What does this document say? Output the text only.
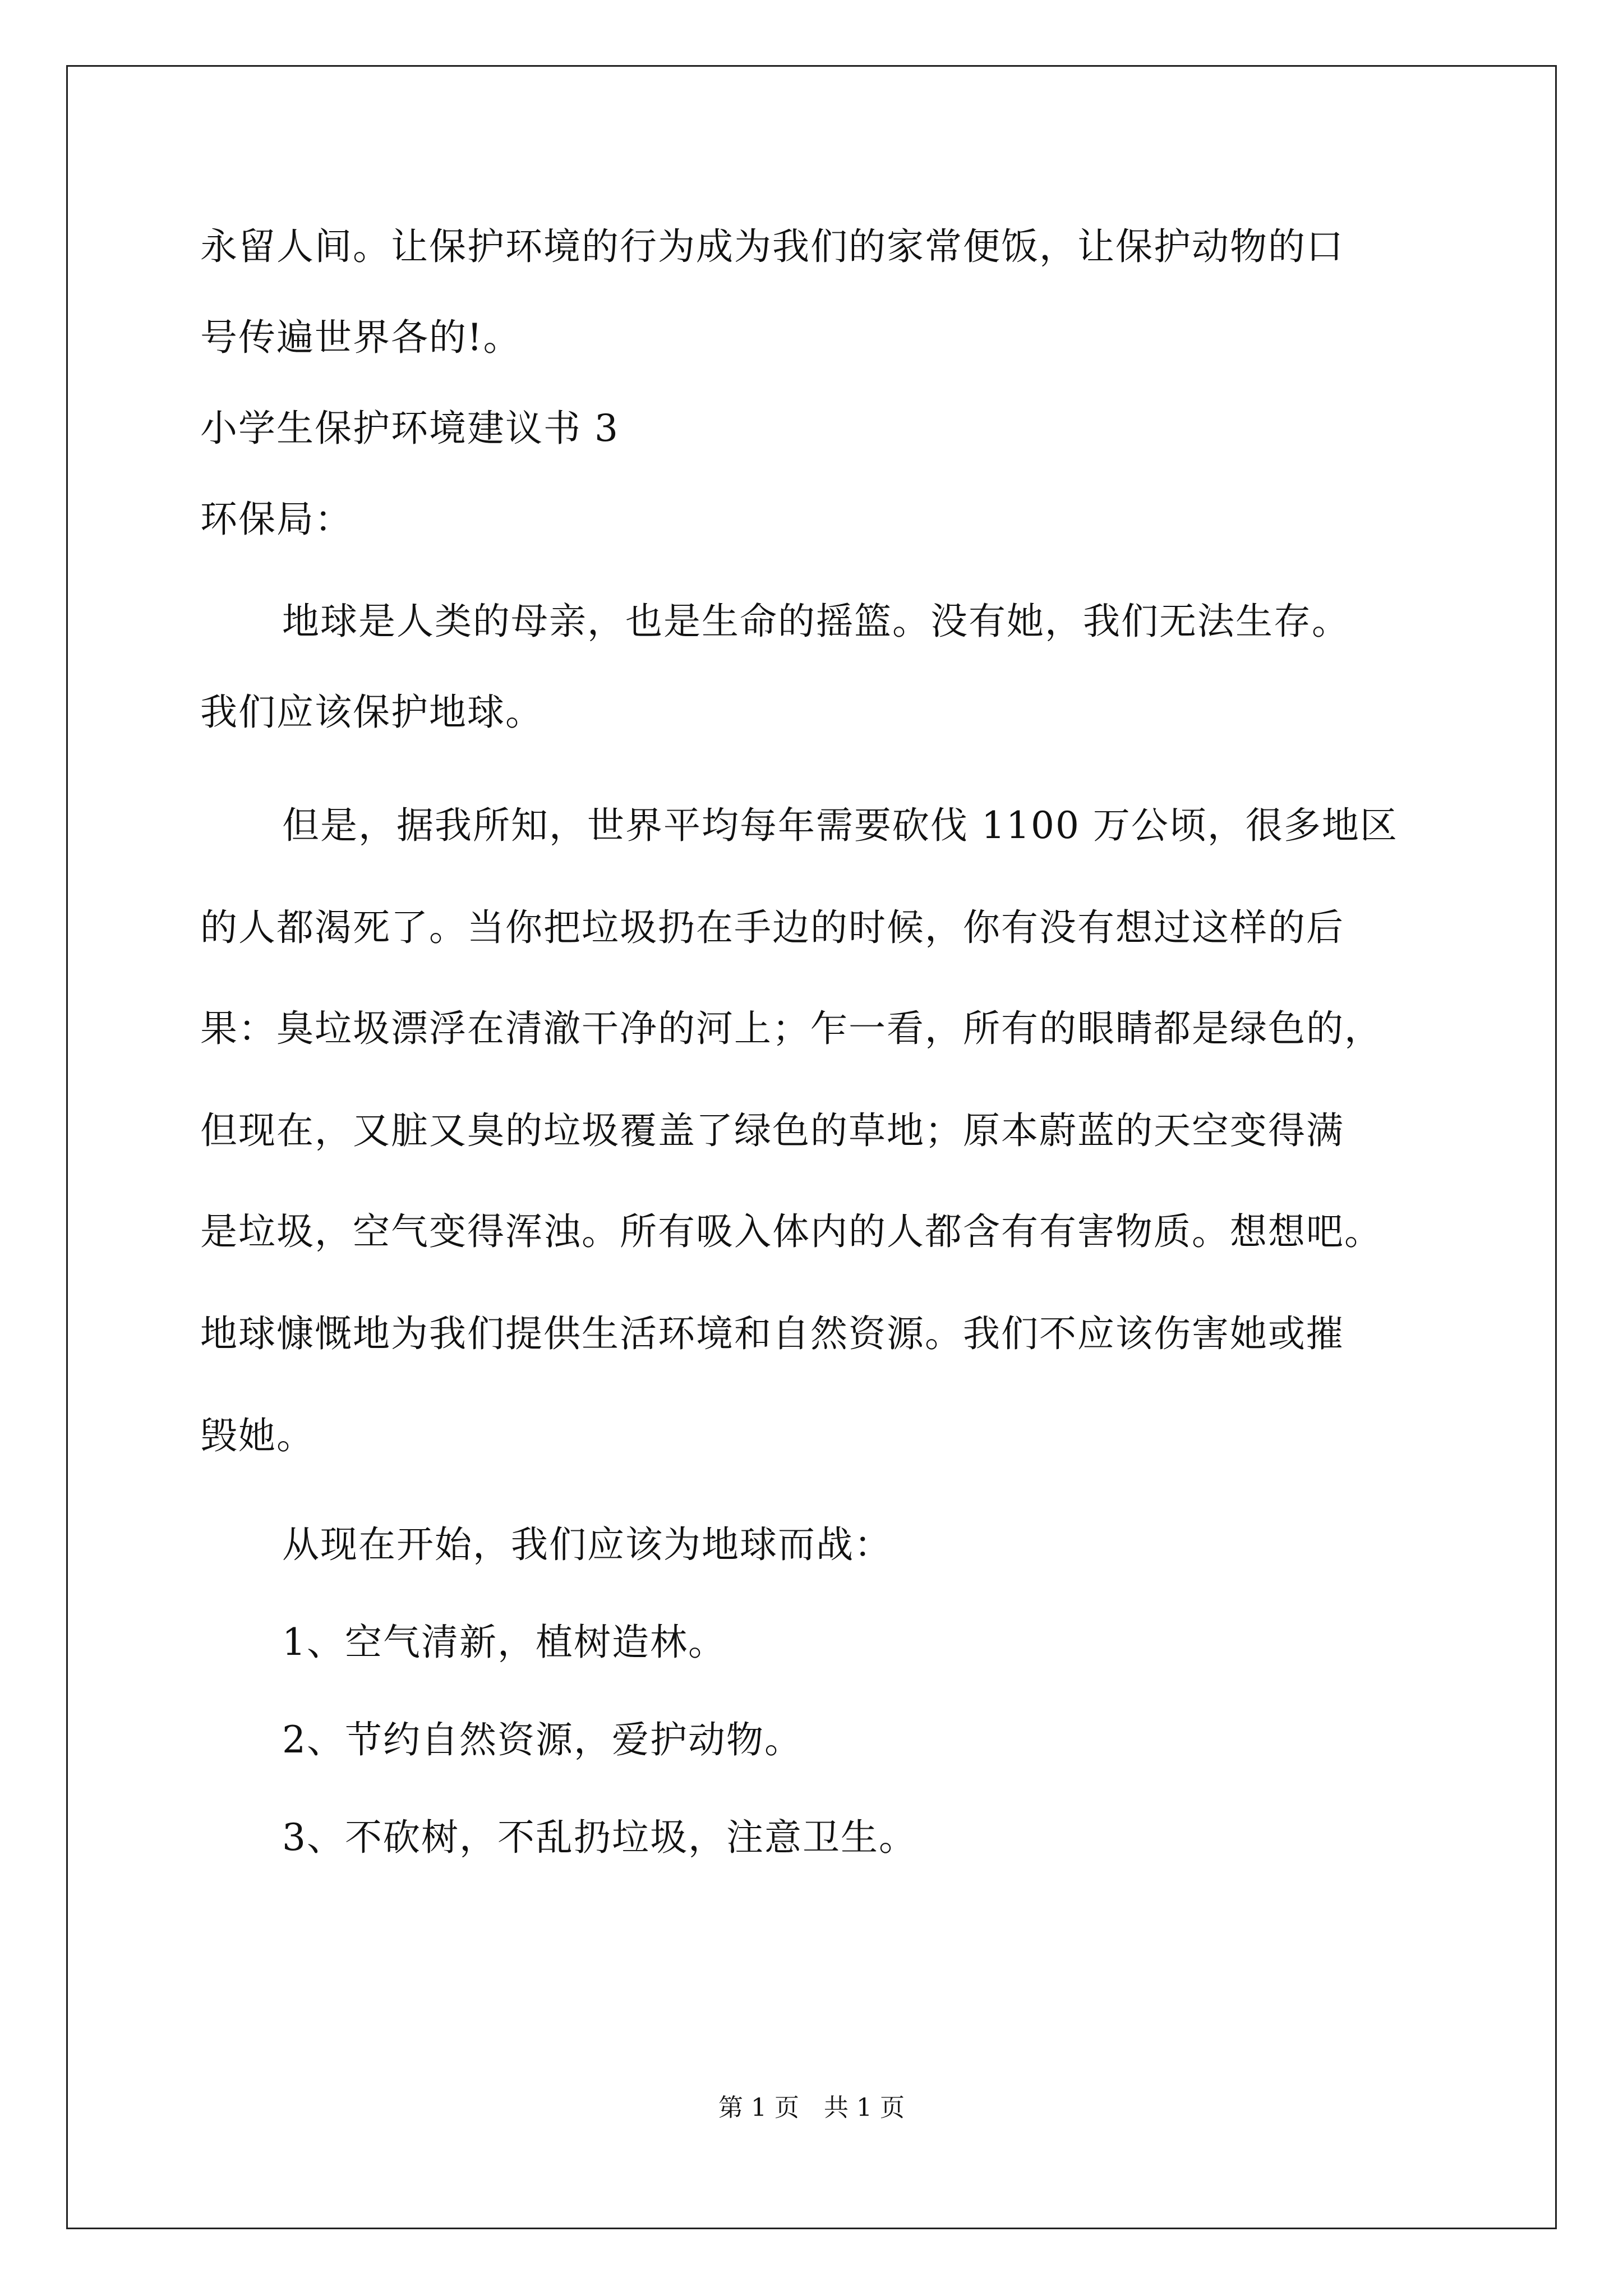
永留人间。让保护环境的行为成为我们的家常便饭，让保护动物的口
号传遍世界各的!。
小学生保护环境建议书 3
环保局：
地球是人类的母亲，也是生命的摇篮。没有她，我们无法生存。
我们应该保护地球。
但是，据我所知，世界平均每年需要砍伐 1100 万公顷，很多地区
的人都渴死了。当你把垃圾扔在手边的时候，你有没有想过这样的后
果：臭垃圾漂浮在清澈干净的河上；乍一看，所有的眼睛都是绿色的，
但现在，又脏又臭的垃圾覆盖了绿色的草地；原本蔚蓝的天空变得满
是垃圾，空气变得浑浊。所有吸入体内的人都含有有害物质。想想吧。
地球慷慨地为我们提供生活环境和自然资源。我们不应该伤害她或摧
毁她。
从现在开始，我们应该为地球而战：
1、空气清新，植树造林。
2、节约自然资源，爱护动物。
3、不砍树，不乱扔垃圾，注意卫生。
第 1 页　共 1 页
